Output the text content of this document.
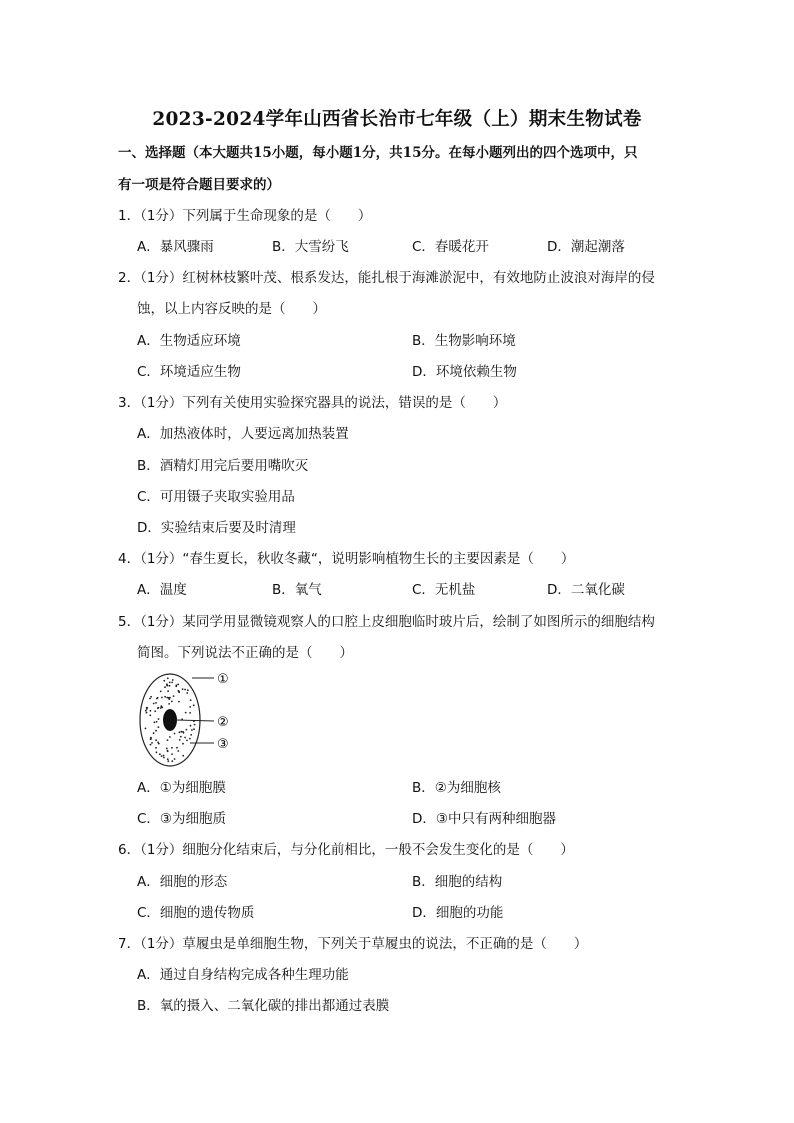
2023-2024学年山西省长治市七年级（上）期末生物试卷
一、选择题（本大题共15小题，每小题1分，共15分。在每小题列出的四个选项中，只
有一项是符合题目要求的）
1．（1分）下列属于生命现象的是（　　）
A．暴风骤雨	B．大雪纷飞	C．春暖花开	D．潮起潮落
2．（1分）红树林枝繁叶茂、根系发达，能扎根于海滩淤泥中，有效地防止波浪对海岸的侵
蚀，以上内容反映的是（　　）
A．生物适应环境	B．生物影响环境
C．环境适应生物	D．环境依赖生物
3．（1分）下列有关使用实验探究器具的说法，错误的是（　　）
A．加热液体时，人要远离加热装置
B．酒精灯用完后要用嘴吹灭
C．可用镊子夹取实验用品
D．实验结束后要及时清理
4．（1分）“春生夏长，秋收冬藏“，说明影响植物生长的主要因素是（　　）
A．温度	B．氧气	C．无机盐	D．二氧化碳
5．（1分）某同学用显微镜观察人的口腔上皮细胞临时玻片后，绘制了如图所示的细胞结构
简图。下列说法不正确的是（　　）
①
②
③
A．①为细胞膜	B．②为细胞核
C．③为细胞质	D．③中只有两种细胞器
6．（1分）细胞分化结束后，与分化前相比，一般不会发生变化的是（　　）
A．细胞的形态	B．细胞的结构
C．细胞的遗传物质	D．细胞的功能
7．（1分）草履虫是单细胞生物，下列关于草履虫的说法，不正确的是（　　）
A．通过自身结构完成各种生理功能
B．氧的摄入、二氧化碳的排出都通过表膜
